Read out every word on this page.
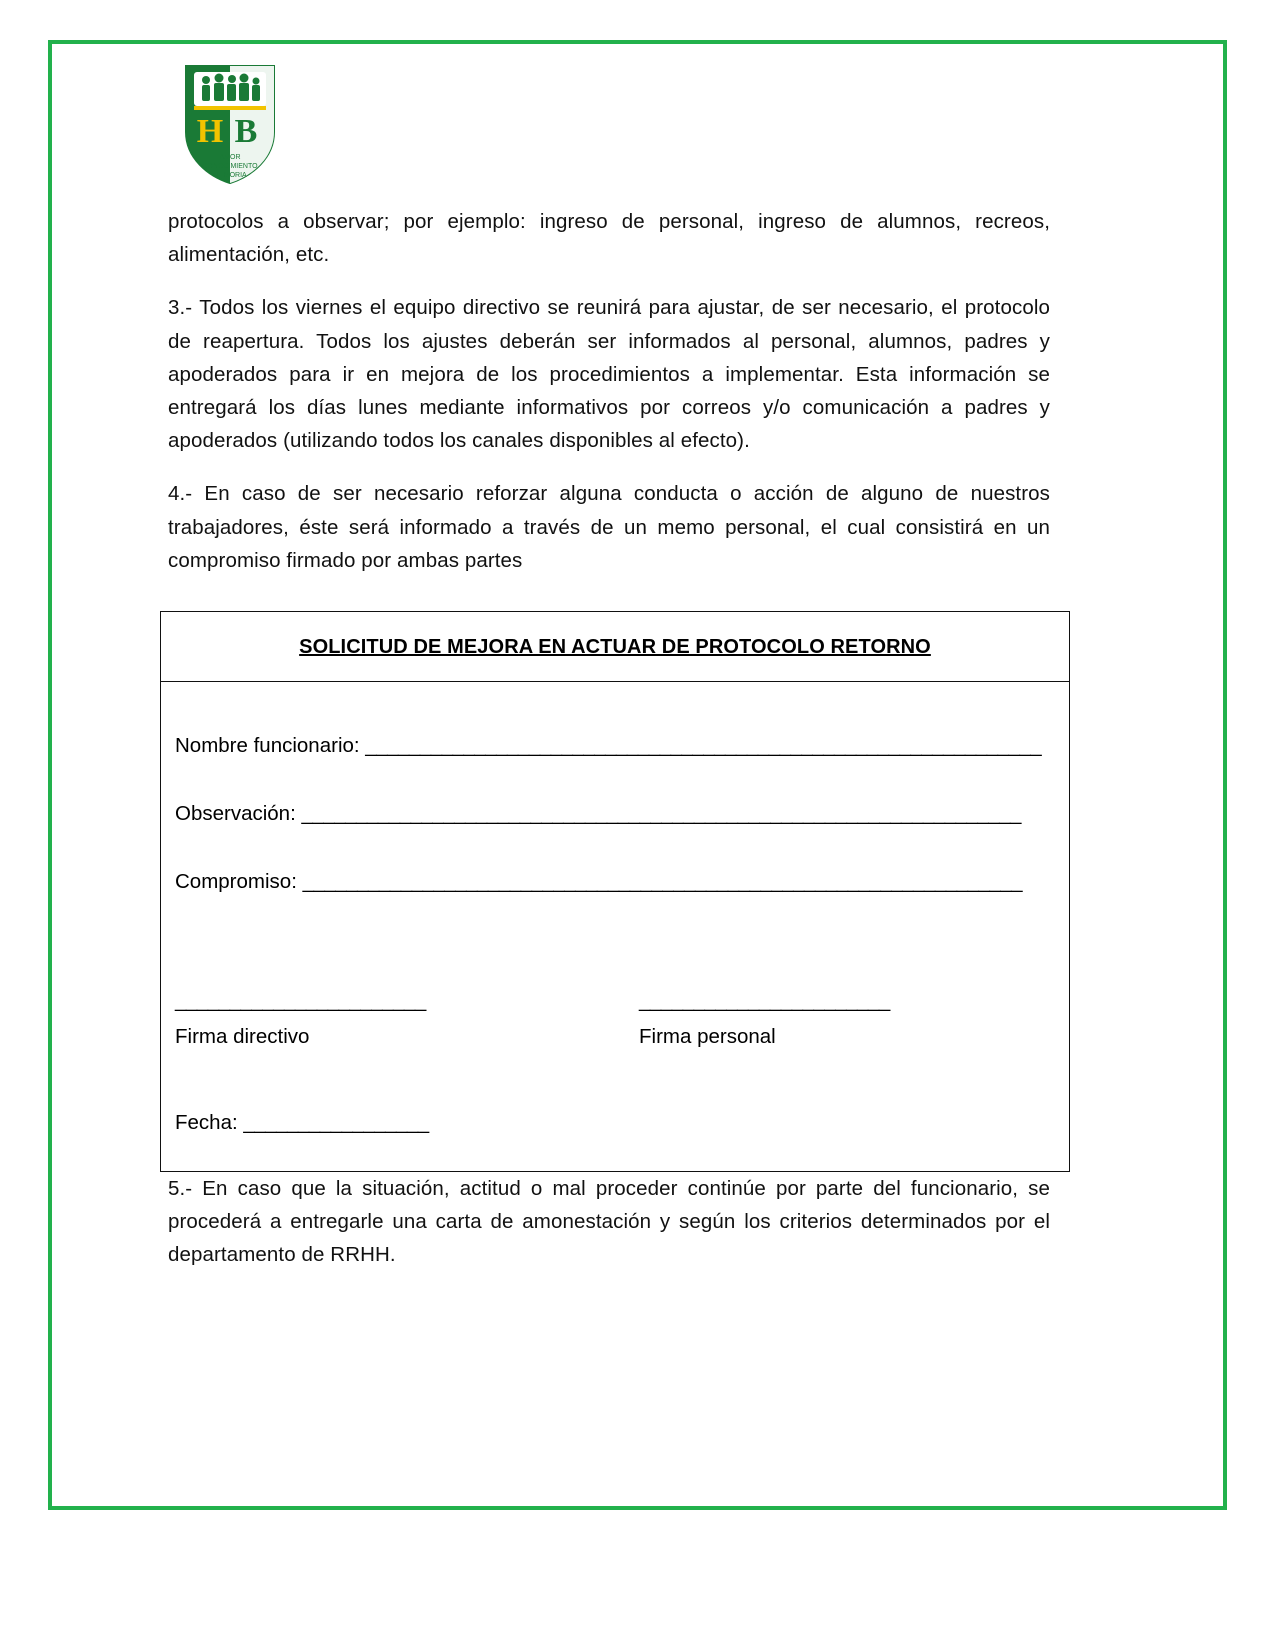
H B
AMOR
CONOCIMIENTO
MEMORIA

protocolos a observar; por ejemplo: ingreso de personal, ingreso de alumnos, recreos, alimentación, etc.

3.- Todos los viernes el equipo directivo se reunirá para ajustar, de ser necesario, el protocolo de reapertura. Todos los ajustes deberán ser informados al personal, alumnos, padres y apoderados para ir en mejora de los procedimientos a implementar. Esta información se entregará los días lunes mediante informativos por correos y/o comunicación a padres y apoderados (utilizando todos los canales disponibles al efecto).

4.- En caso de ser necesario reforzar alguna conducta o acción de alguno de nuestros trabajadores, éste será informado a través de un memo personal, el cual consistirá en un compromiso firmado por ambas partes

SOLICITUD DE MEJORA EN ACTUAR DE PROTOCOLO RETORNO
Nombre funcionario: ______________________________________________________________
Observación: __________________________________________________________________
Compromiso: __________________________________________________________________
_______________________
Firma directivo
_______________________
Firma personal
Fecha: _________________

5.- En caso que la situación, actitud o mal proceder continúe por parte del funcionario, se procederá a entregarle una carta de amonestación y según los criterios determinados por el departamento de RRHH.
